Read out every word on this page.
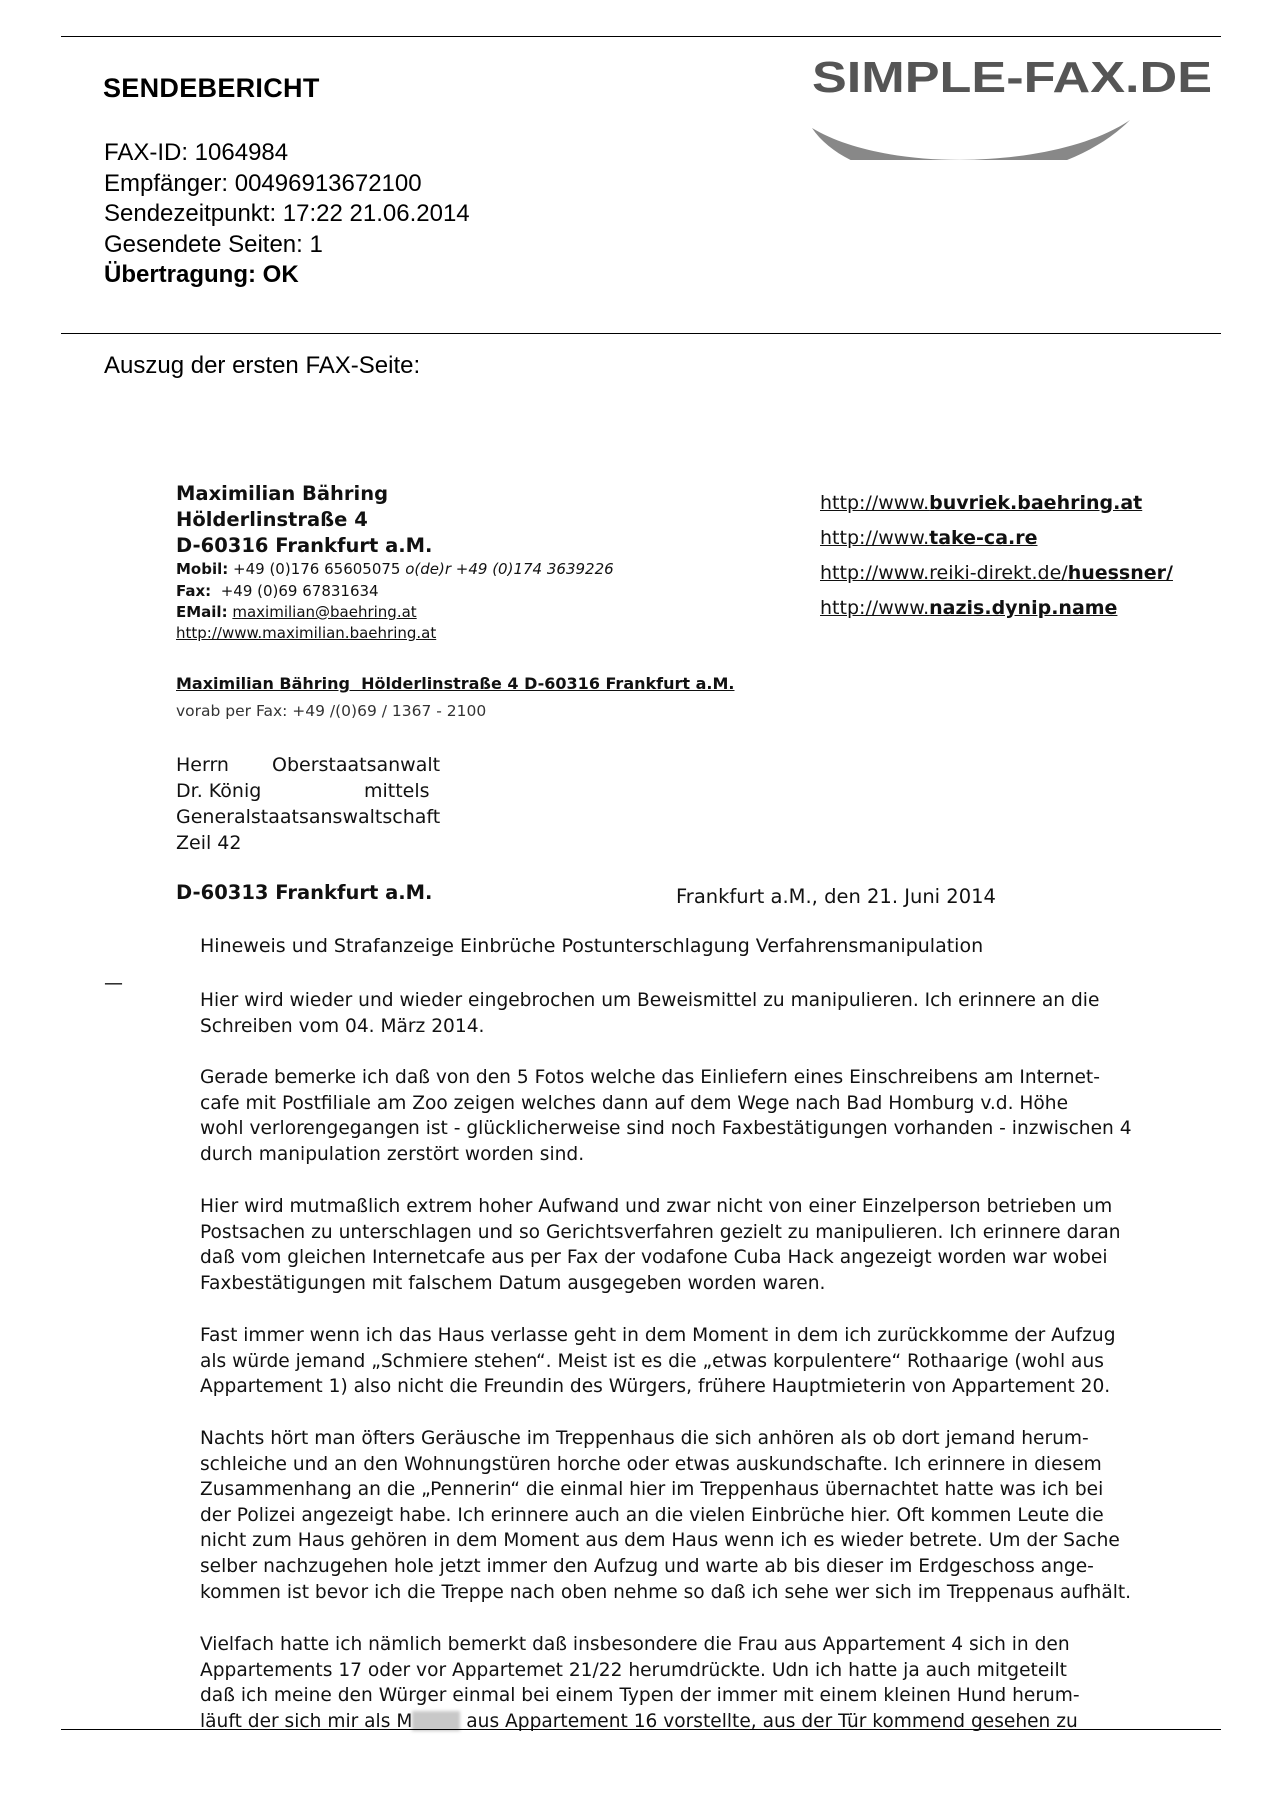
SENDEBERICHT
FAX-ID: 1064984
Empfänger: 00496913672100
Sendezeitpunkt: 17:22 21.06.2014
Gesendete Seiten: 1
Übertragung: OK
SIMPLE-FAX.DE
Auszug der ersten FAX-Seite:
Maximilian Bähring
Hölderlinstraße 4
D-60316 Frankfurt a.M.
Mobil: +49 (0)176 65605075 o(de)r +49 (0)174 3639226
Fax:  +49 (0)69 67831634
EMail: maximilian@baehring.at
http://www.maximilian.baehring.at
http://www.buvriek.baehring.at
http://www.take-ca.re
http://www.reiki-direkt.de/huessner/
http://www.nazis.dynip.name
Maximilian Bähring  Hölderlinstraße 4 D-60316 Frankfurt a.M.
vorab per Fax: +49 /(0)69 / 1367 - 2100
Herrn Oberstaatsanwalt
Dr. König	mittels
Generalstaatsanswaltschaft
Zeil 42
D-60313 Frankfurt a.M.	Frankfurt a.M., den 21. Juni 2014
Hineweis und Strafanzeige Einbrüche Postunterschlagung Verfahrensmanipulation
—

Hier wird wieder und wieder eingebrochen um Beweismittel zu manipulieren. Ich erinnere an die

Schreiben vom 04. März 2014.

Gerade bemerke ich daß von den 5 Fotos welche das Einliefern eines Einschreibens am Internet-

cafe mit Postfiliale am Zoo zeigen welches dann auf dem Wege nach Bad Homburg v.d. Höhe

wohl verlorengegangen ist - glücklicherweise sind noch Faxbestätigungen vorhanden - inzwischen 4

durch manipulation zerstört worden sind.

Hier wird mutmaßlich extrem hoher Aufwand und zwar nicht von einer Einzelperson betrieben um

Postsachen zu unterschlagen und so Gerichtsverfahren gezielt zu manipulieren. Ich erinnere daran

daß vom gleichen Internetcafe aus per Fax der vodafone Cuba Hack angezeigt worden war wobei

Faxbestätigungen mit falschem Datum ausgegeben worden waren.

Fast immer wenn ich das Haus verlasse geht in dem Moment in dem ich zurückkomme der Aufzug

als würde jemand „Schmiere stehen“. Meist ist es die „etwas korpulentere“ Rothaarige (wohl aus

Appartement 1) also nicht die Freundin des Würgers, frühere Hauptmieterin von Appartement 20.

Nachts hört man öfters Geräusche im Treppenhaus die sich anhören als ob dort jemand herum-

schleiche und an den Wohnungstüren horche oder etwas auskundschafte. Ich erinnere in diesem

Zusammenhang an die „Pennerin“ die einmal hier im Treppenhaus übernachtet hatte was ich bei

der Polizei angezeigt habe. Ich erinnere auch an die vielen Einbrüche hier. Oft kommen Leute die

nicht zum Haus gehören in dem Moment aus dem Haus wenn ich es wieder betrete. Um der Sache

selber nachzugehen hole jetzt immer den Aufzug und warte ab bis dieser im Erdgeschoss ange-

kommen ist bevor ich die Treppe nach oben nehme so daß ich sehe wer sich im Treppenaus aufhält.

Vielfach hatte ich nämlich bemerkt daß insbesondere die Frau aus Appartement 4 sich in den

Appartements 17 oder vor Appartemet 21/22 herumdrückte. Udn ich hatte ja auch mitgeteilt

daß ich meine den Würger einmal bei einem Typen der immer mit einem kleinen Hund herum-

läuft der sich mir als M	aus Appartement 16 vorstellte, aus der Tür kommend gesehen zu
